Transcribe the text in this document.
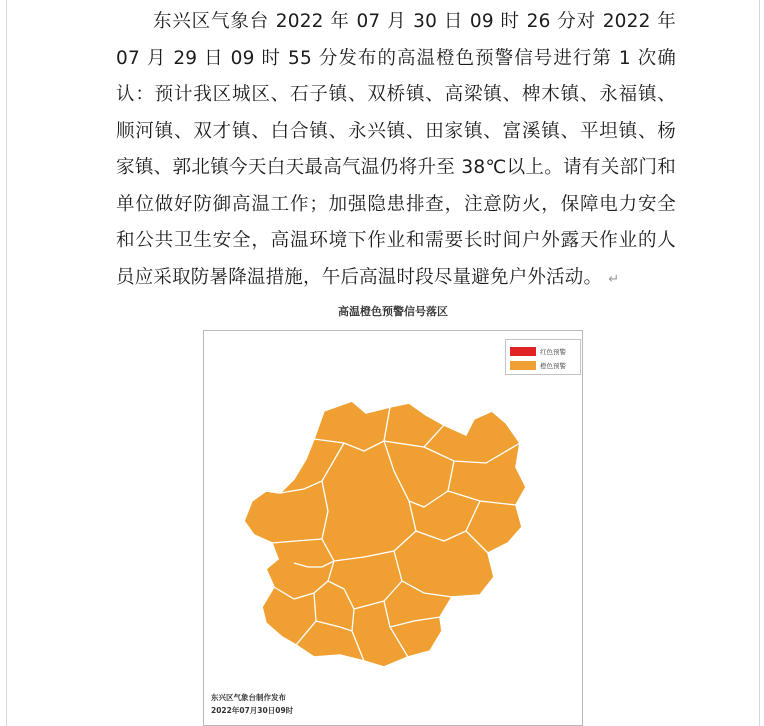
东兴区气象台 2022 年 07 月 30 日 09 时 26 分对 2022 年 07 月 29 日 09 时 55 分发布的高温橙色预警信号进行第 1 次确认：预计我区城区、石子镇、双桥镇、高梁镇、椑木镇、永福镇、顺河镇、双才镇、白合镇、永兴镇、田家镇、富溪镇、平坦镇、杨家镇、郭北镇今天白天最高气温仍将升至 38℃以上。请有关部门和单位做好防御高温工作；加强隐患排查，注意防火，保障电力安全和公共卫生安全，高温环境下作业和需要长时间户外露天作业的人员应采取防暑降温措施，午后高温时段尽量避免户外活动。 ↵

高温橙色预警信号落区
红色预警
橙色预警
东兴区气象台制作发布
2022年07月30日09时
